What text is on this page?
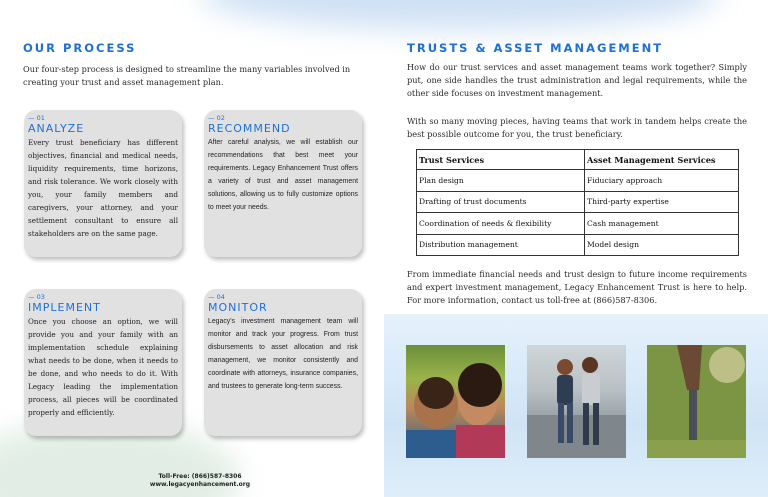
OUR PROCESS
Our four-step process is designed to streamline the many variables involved in creating your trust and asset management plan.
— 01
ANALYZE
Every trust beneficiary has different objectives, financial and medical needs, liquidity requirements, time horizons, and risk tolerance. We work closely with you, your family members and caregivers, your attorney, and your settlement consultant to ensure all stakeholders are on the same page.
— 02
RECOMMEND
After careful analysis, we will establish our recommendations that best meet your requirements. Legacy Enhancement Trust offers a variety of trust and asset management solutions, allowing us to fully customize options to meet your needs.
— 03
IMPLEMENT
Once you choose an option, we will provide you and your family with an implementation schedule explaining what needs to be done, when it needs to be done, and who needs to do it. With Legacy leading the implementation process, all pieces will be coordinated properly and efficiently.
— 04
MONITOR
Legacy's investment management team will monitor and track your progress. From trust disbursements to asset allocation and risk management, we monitor consistently and coordinate with attorneys, insurance companies, and trustees to generate long-term success.
Toll-Free: (866)587-8306
www.legacyenhancement.org
TRUSTS & ASSET MANAGEMENT
How do our trust services and asset management teams work together? Simply put, one side handles the trust administration and legal requirements, while the other side focuses on investment management.
With so many moving pieces, having teams that work in tandem helps create the best possible outcome for you, the trust beneficiary.
Trust Services	Asset Management Services
Plan design	Fiduciary approach
Drafting of trust documents	Third-party expertise
Coordination of needs & flexibility	Cash management
Distribution management	Model design
From immediate financial needs and trust design to future income requirements and expert investment management, Legacy Enhancement Trust is here to help. For more information, contact us toll-free at (866)587-8306.
